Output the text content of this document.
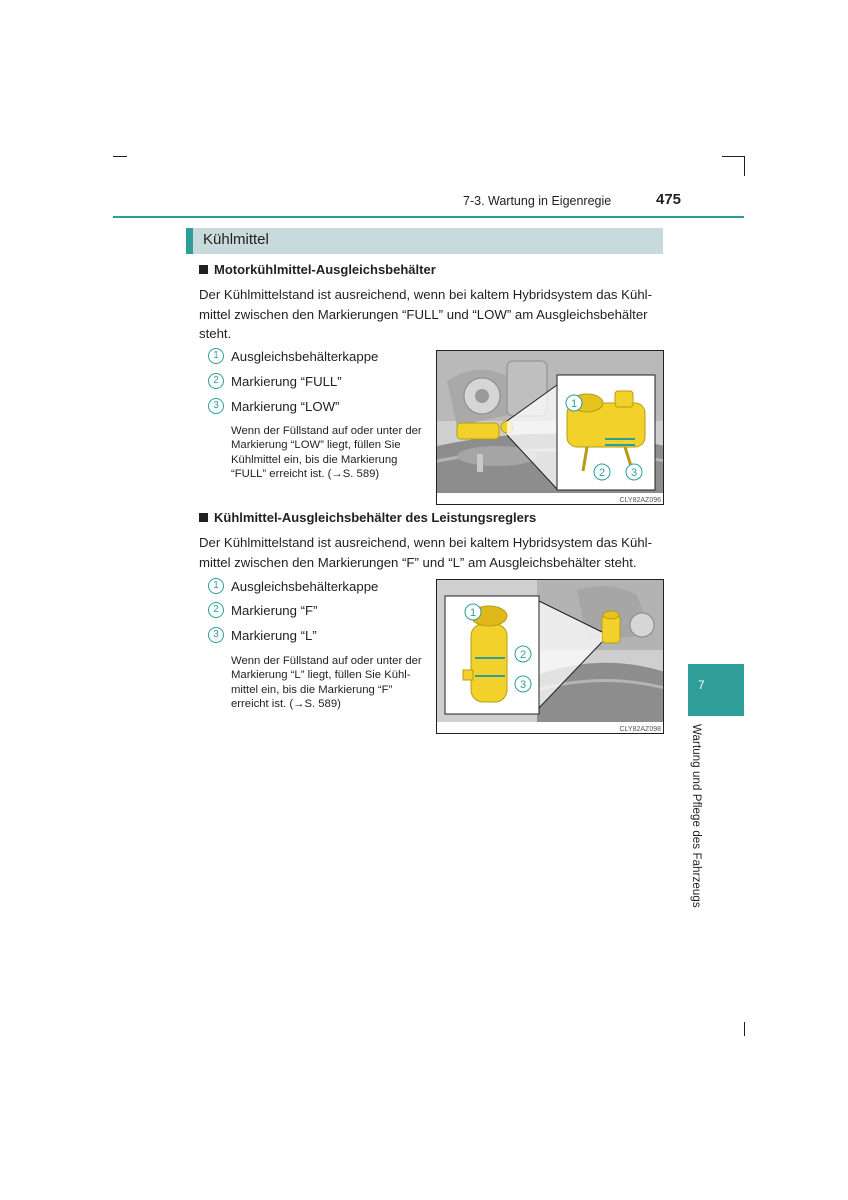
7-3. Wartung in Eigenregie	475
Kühlmittel
Motorkühlmittel-Ausgleichsbehälter
Der Kühlmittelstand ist ausreichend, wenn bei kaltem Hybridsystem das Kühl-
mittel zwischen den Markierungen “FULL” und “LOW” am Ausgleichsbehälter
steht.
1 Ausgleichsbehälterkappe
2 Markierung “FULL”
3 Markierung “LOW”
Wenn der Füllstand auf oder unter der
Markierung “LOW” liegt, füllen Sie
Kühlmittel ein, bis die Markierung
“FULL” erreicht ist. (→S. 589)
1
2 3
CLY82AZ096
Kühlmittel-Ausgleichsbehälter des Leistungsreglers
Der Kühlmittelstand ist ausreichend, wenn bei kaltem Hybridsystem das Kühl-
mittel zwischen den Markierungen “F” und “L” am Ausgleichsbehälter steht.
1 Ausgleichsbehälterkappe
2 Markierung “F”
3 Markierung “L”
Wenn der Füllstand auf oder unter der
Markierung “L” liegt, füllen Sie Kühl-
mittel ein, bis die Markierung “F”
erreicht ist. (→S. 589)
1
2
3
CLY82AZ098
7
Wartung und Pflege des Fahrzeugs
